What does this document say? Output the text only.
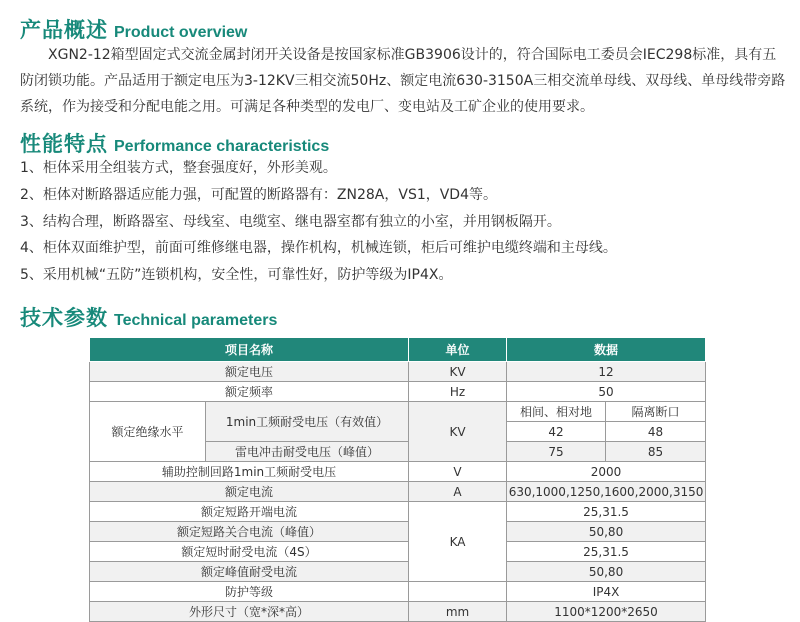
产品概述 Product overview
XGN2-12箱型固定式交流金属封闭开关设备是按国家标准GB3906设计的，符合国际电工委员会IEC298标准，具有五防闭锁功能。产品适用于额定电压为3-12KV三相交流50Hz、额定电流630-3150A三相交流单母线、双母线、单母线带旁路系统，作为接受和分配电能之用。可满足各种类型的发电厂、变电站及工矿企业的使用要求。
性能特点 Performance characteristics
1、柜体采用全组装方式，整套强度好，外形美观。
2、柜体对断路器适应能力强，可配置的断路器有：ZN28A，VS1，VD4等。
3、结构合理，断路器室、母线室、电缆室、继电器室都有独立的小室，并用钢板隔开。
4、柜体双面维护型，前面可维修继电器，操作机构，机械连锁，柜后可维护电缆终端和主母线。
5、采用机械“五防”连锁机构，安全性，可靠性好，防护等级为IP4X。
技术参数 Technical parameters
项目名称		单位	数据	
额定电压		KV	12	
额定频率		Hz	50	
额定绝缘水平	1min工频耐受电压（有效值）	KV	相间、相对地	隔离断口
			42	48
	雷电冲击耐受电压（峰值）		75	85

辅助控制回路1min工频耐受电压		V	2000	
额定电流		A	630,1000,1250,1600,2000,3150	
额定短路开端电流		KA	25,31.5	
额定短路关合电流（峰值）			50,80	
额定短时耐受电流（4S）			25,31.5	
额定峰值耐受电流			50,80	
防护等级			IP4X	
外形尺寸（宽*深*高）		mm	1100*1200*2650	
